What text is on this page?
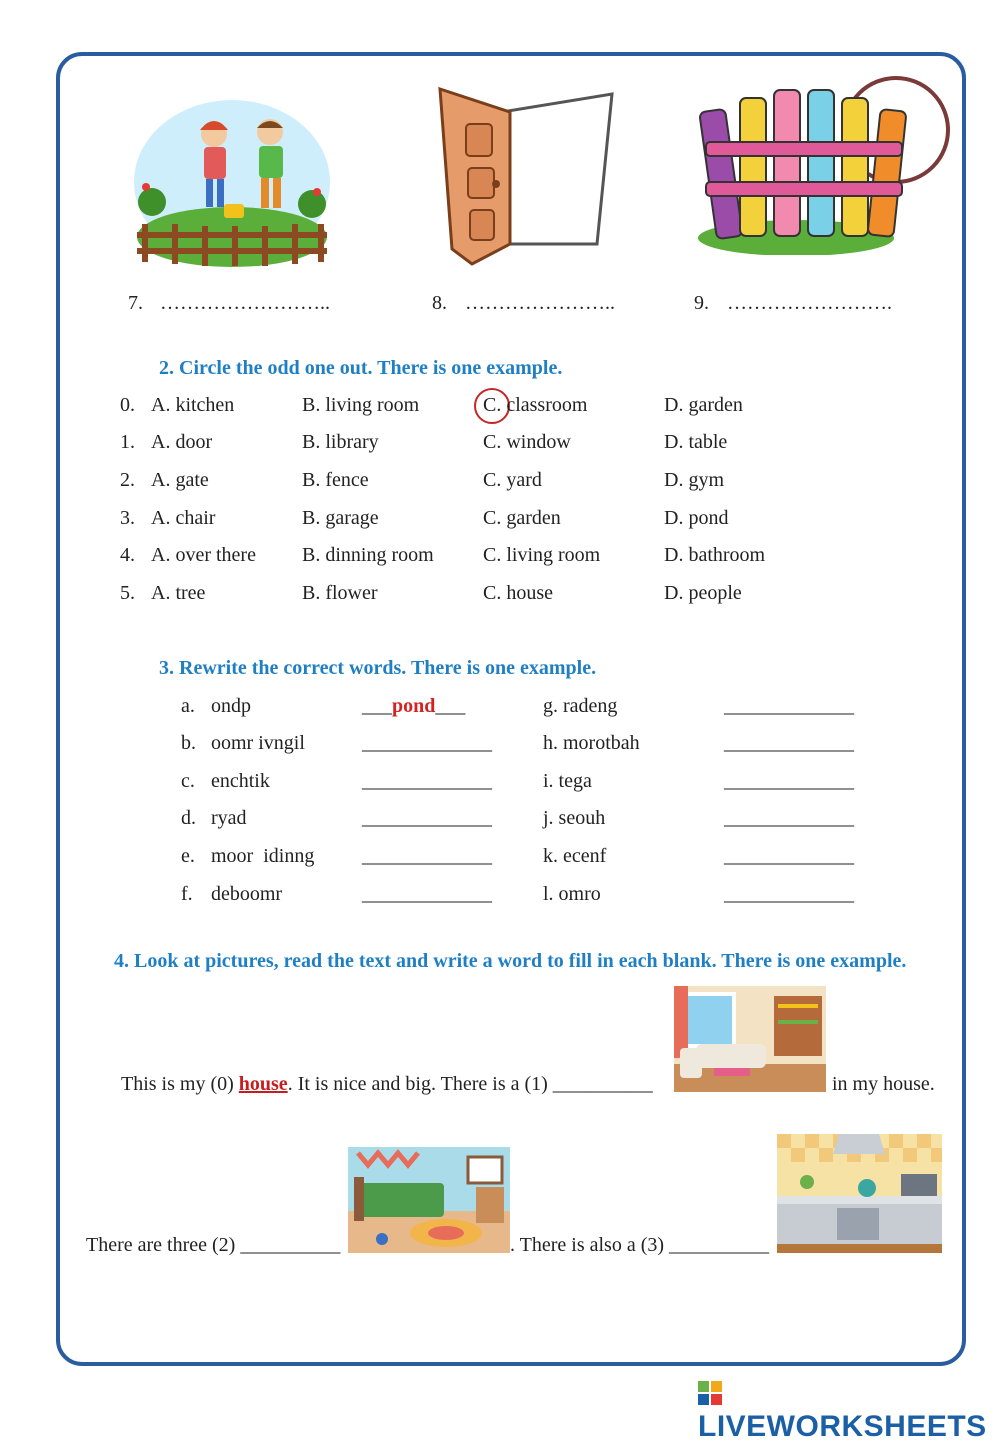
7. ……………………..	8. …………………..	9. …………………….
2. Circle the odd one out. There is one example.
0. A. kitchen	B. living room	C. classroom	D. garden
1. A. door	B. library	C. window	D. table
2. A. gate	B. fence	C. yard	D. gym
3. A. chair	B. garage	C. garden	D. pond
4. A. over there B. dinning room C. living room	D. bathroom
5. A. tree	B. flower	C. house	D. people
3. Rewrite the correct words. There is one example.
a. ondp	___pond___	g. radeng	_____________
b. oomr ivngil	_____________	h. morotbah	_____________
c. enchtik	_____________	i. tega	_____________
d. ryad	_____________	j. seouh	_____________
e. moor  idinng _____________	k. ecenf	_____________
f. deboomr	_____________	l. omro	_____________
4. Look at pictures, read the text and write a word to fill in each blank. There is one example.
This is my (0) house. It is nice and big. There is a (1) __________	in my house.
There are three (2) __________	. There is also a (3) __________
LIVEWORKSHEETS
